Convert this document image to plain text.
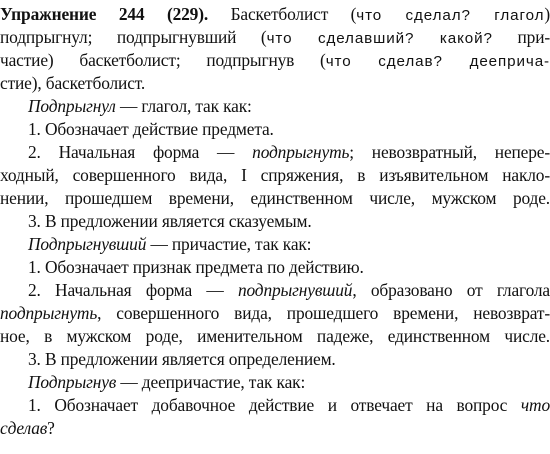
Упражнение 244 (229). Баскетболист (что сделал? глагол)
подпрыгнул; подпрыгнувший (что сделавший? какой? при-
частие) баскетболист; подпрыгнув (что сделав? дееприча-
стие), баскетболист.
Подпрыгнул — глагол, так как:
1. Обозначает действие предмета.
2. Начальная форма — подпрыгнуть; невозвратный, непере-
ходный, совершенного вида, I спряжения, в изъявительном накло-
нении, прошедшем времени, единственном числе, мужском роде.
3. В предложении является сказуемым.
Подпрыгнувший — причастие, так как:
1. Обозначает признак предмета по действию.
2. Начальная форма — подпрыгнувший, образовано от глагола
подпрыгнуть, совершенного вида, прошедшего времени, невозврат-
ное, в мужском роде, именительном падеже, единственном числе.
3. В предложении является определением.
Подпрыгнув — деепричастие, так как:
1. Обозначает добавочное действие и отвечает на вопрос что
сделав?
